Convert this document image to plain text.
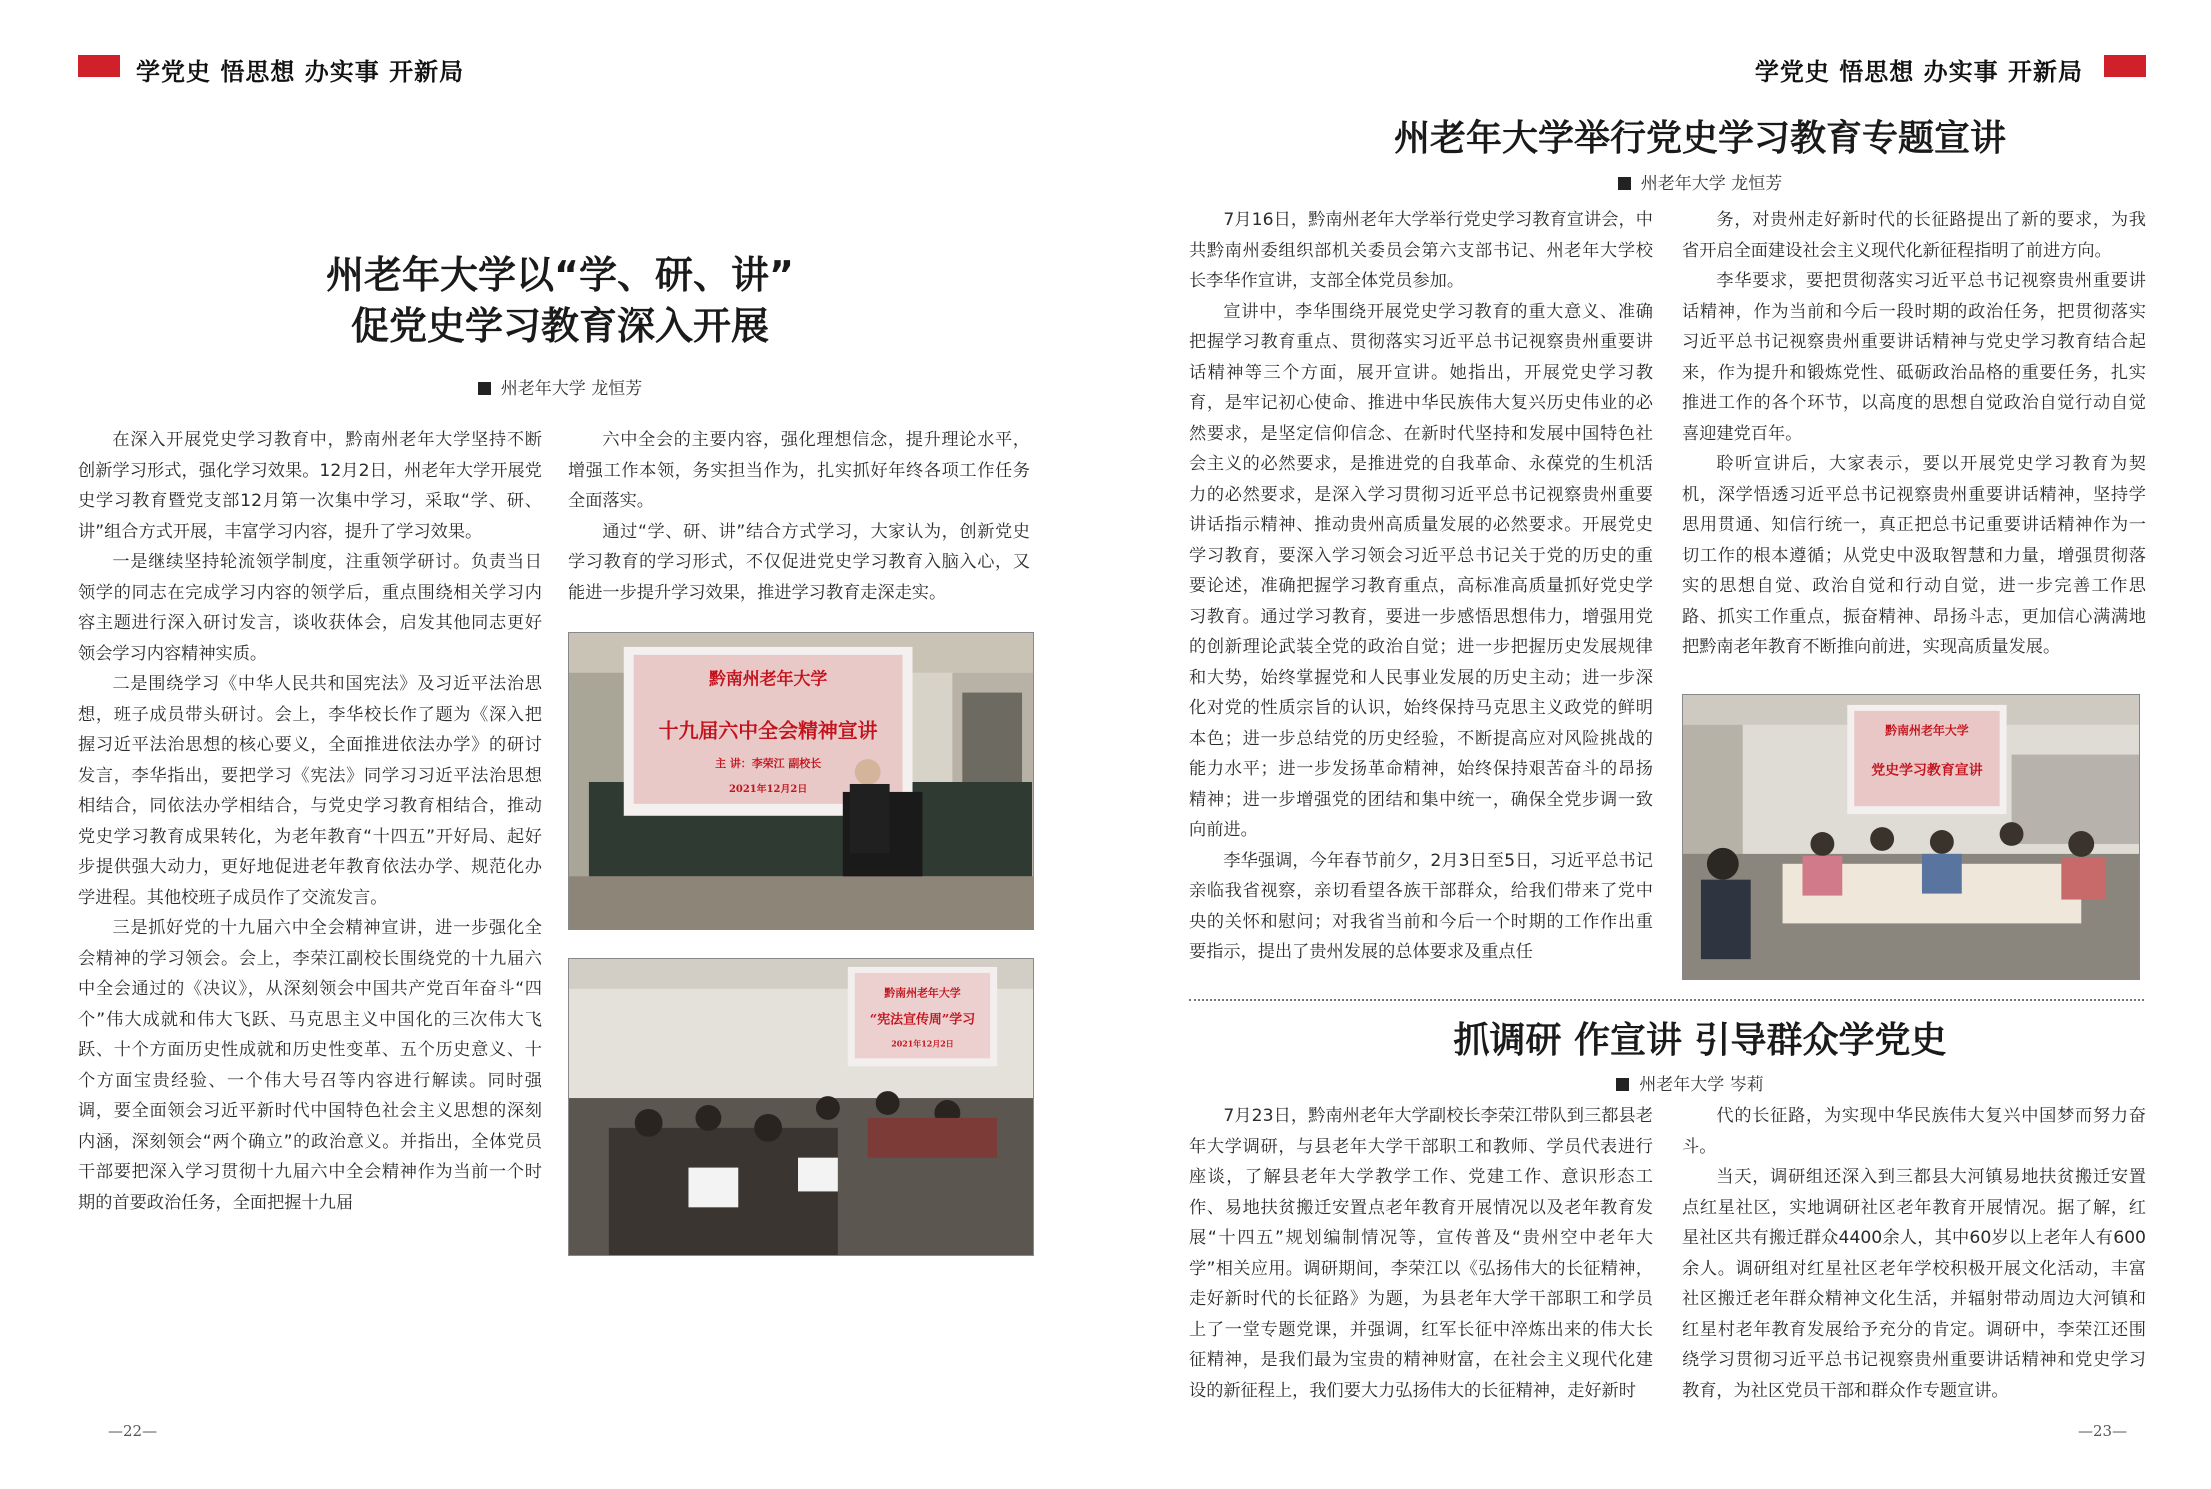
学党史 悟思想 办实事 开新局	学党史 悟思想 办实事 开新局
州老年大学以“学、研、讲”
促党史学习教育深入开展
州老年大学 龙恒芳

在深入开展党史学习教育中，黔南州老年大学坚持不断创新学习形式，强化学习效果。12月2日，州老年大学开展党史学习教育暨党支部12月第一次集中学习，采取“学、研、讲”组合方式开展，丰富学习内容，提升了学习效果。

一是继续坚持轮流领学制度，注重领学研讨。负责当日领学的同志在完成学习内容的领学后，重点围绕相关学习内容主题进行深入研讨发言，谈收获体会，启发其他同志更好领会学习内容精神实质。

二是围绕学习《中华人民共和国宪法》及习近平法治思想，班子成员带头研讨。会上，李华校长作了题为《深入把握习近平法治思想的核心要义，全面推进依法办学》的研讨发言，李华指出，要把学习《宪法》同学习习近平法治思想相结合，同依法办学相结合，与党史学习教育相结合，推动党史学习教育成果转化，为老年教育“十四五”开好局、起好步提供强大动力，更好地促进老年教育依法办学、规范化办学进程。其他校班子成员作了交流发言。

三是抓好党的十九届六中全会精神宣讲，进一步强化全会精神的学习领会。会上，李荣江副校长围绕党的十九届六中全会通过的《决议》，从深刻领会中国共产党百年奋斗“四个”伟大成就和伟大飞跃、马克思主义中国化的三次伟大飞跃、十个方面历史性成就和历史性变革、五个历史意义、十个方面宝贵经验、一个伟大号召等内容进行解读。同时强调，要全面领会习近平新时代中国特色社会主义思想的深刻内涵，深刻领会“两个确立”的政治意义。并指出，全体党员干部要把深入学习贯彻十九届六中全会精神作为当前一个时期的首要政治任务，全面把握十九届

六中全会的主要内容，强化理想信念，提升理论水平，增强工作本领，务实担当作为，扎实抓好年终各项工作任务全面落实。

通过“学、研、讲”结合方式学习，大家认为，创新党史学习教育的学习形式，不仅促进党史学习教育入脑入心，又能进一步提升学习效果，推进学习教育走深走实。

黔南州老年大学
十九届六中全会精神宣讲
主 讲：李荣江 副校长
2021年12月2日
黔南州老年大学
“宪法宣传周”学习
2021年12月2日
州老年大学举行党史学习教育专题宣讲
州老年大学 龙恒芳

7月16日，黔南州老年大学举行党史学习教育宣讲会，中共黔南州委组织部机关委员会第六支部书记、州老年大学校长李华作宣讲，支部全体党员参加。

宣讲中，李华围绕开展党史学习教育的重大意义、准确把握学习教育重点、贯彻落实习近平总书记视察贵州重要讲话精神等三个方面，展开宣讲。她指出，开展党史学习教育，是牢记初心使命、推进中华民族伟大复兴历史伟业的必然要求，是坚定信仰信念、在新时代坚持和发展中国特色社会主义的必然要求，是推进党的自我革命、永葆党的生机活力的必然要求，是深入学习贯彻习近平总书记视察贵州重要讲话指示精神、推动贵州高质量发展的必然要求。开展党史学习教育，要深入学习领会习近平总书记关于党的历史的重要论述，准确把握学习教育重点，高标准高质量抓好党史学习教育。通过学习教育，要进一步感悟思想伟力，增强用党的创新理论武装全党的政治自觉；进一步把握历史发展规律和大势，始终掌握党和人民事业发展的历史主动；进一步深化对党的性质宗旨的认识，始终保持马克思主义政党的鲜明本色；进一步总结党的历史经验，不断提高应对风险挑战的能力水平；进一步发扬革命精神，始终保持艰苦奋斗的昂扬精神；进一步增强党的团结和集中统一，确保全党步调一致向前进。

李华强调，今年春节前夕，2月3日至5日，习近平总书记亲临我省视察，亲切看望各族干部群众，给我们带来了党中央的关怀和慰问；对我省当前和今后一个时期的工作作出重要指示，提出了贵州发展的总体要求及重点任

务，对贵州走好新时代的长征路提出了新的要求，为我省开启全面建设社会主义现代化新征程指明了前进方向。

李华要求，要把贯彻落实习近平总书记视察贵州重要讲话精神，作为当前和今后一段时期的政治任务，把贯彻落实习近平总书记视察贵州重要讲话精神与党史学习教育结合起来，作为提升和锻炼党性、砥砺政治品格的重要任务，扎实推进工作的各个环节，以高度的思想自觉政治自觉行动自觉喜迎建党百年。

聆听宣讲后，大家表示，要以开展党史学习教育为契机，深学悟透习近平总书记视察贵州重要讲话精神，坚持学思用贯通、知信行统一，真正把总书记重要讲话精神作为一切工作的根本遵循；从党史中汲取智慧和力量，增强贯彻落实的思想自觉、政治自觉和行动自觉，进一步完善工作思路、抓实工作重点，振奋精神、昂扬斗志，更加信心满满地把黔南老年教育不断推向前进，实现高质量发展。

黔南州老年大学
党史学习教育宣讲
抓调研 作宣讲 引导群众学党史
州老年大学 岑莉

7月23日，黔南州老年大学副校长李荣江带队到三都县老年大学调研，与县老年大学干部职工和教师、学员代表进行座谈，了解县老年大学教学工作、党建工作、意识形态工作、易地扶贫搬迁安置点老年教育开展情况以及老年教育发展“十四五”规划编制情况等，宣传普及“贵州空中老年大学”相关应用。调研期间，李荣江以《弘扬伟大的长征精神，走好新时代的长征路》为题，为县老年大学干部职工和学员上了一堂专题党课，并强调，红军长征中淬炼出来的伟大长征精神，是我们最为宝贵的精神财富，在社会主义现代化建设的新征程上，我们要大力弘扬伟大的长征精神，走好新时

代的长征路，为实现中华民族伟大复兴中国梦而努力奋斗。

当天，调研组还深入到三都县大河镇易地扶贫搬迁安置点红星社区，实地调研社区老年教育开展情况。据了解，红星社区共有搬迁群众4400余人，其中60岁以上老年人有600余人。调研组对红星社区老年学校积极开展文化活动，丰富社区搬迁老年群众精神文化生活，并辐射带动周边大河镇和红星村老年教育发展给予充分的肯定。调研中，李荣江还围绕学习贯彻习近平总书记视察贵州重要讲话精神和党史学习教育，为社区党员干部和群众作专题宣讲。

—22—	—23—
